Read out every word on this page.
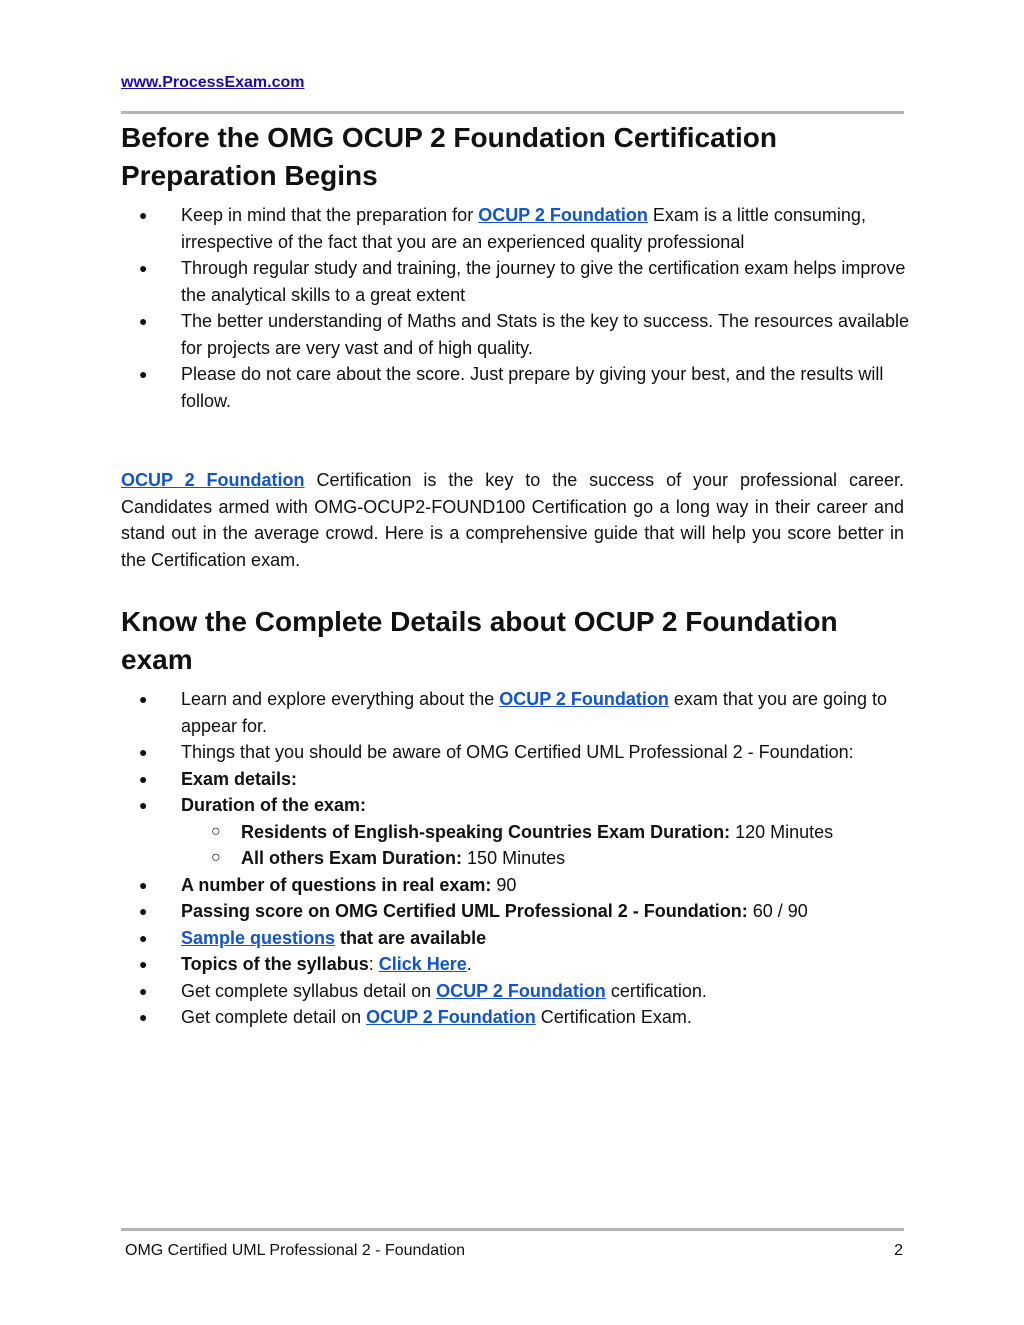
www.ProcessExam.com
Before the OMG OCUP 2 Foundation Certification Preparation Begins
● Keep in mind that the preparation for OCUP 2 Foundation Exam is a little consuming, irrespective of the fact that you are an experienced quality professional
● Through regular study and training, the journey to give the certification exam helps improve the analytical skills to a great extent
● The better understanding of Maths and Stats is the key to success. The resources available for projects are very vast and of high quality.
● Please do not care about the score. Just prepare by giving your best, and the results will follow.

OCUP 2 Foundation Certification is the key to the success of your professional career. Candidates armed with OMG-OCUP2-FOUND100 Certification go a long way in their career and stand out in the average crowd. Here is a comprehensive guide that will help you score better in the Certification exam.

Know the Complete Details about OCUP 2 Foundation exam
● Learn and explore everything about the OCUP 2 Foundation exam that you are going to appear for.
● Things that you should be aware of OMG Certified UML Professional 2 - Foundation:
● Exam details:
● Duration of the exam:
○ Residents of English-speaking Countries Exam Duration: 120 Minutes
○ All others Exam Duration: 150 Minutes
● A number of questions in real exam: 90
● Passing score on OMG Certified UML Professional 2 - Foundation: 60 / 90
● Sample questions that are available
● Topics of the syllabus: Click Here.
● Get complete syllabus detail on OCUP 2 Foundation certification.
● Get complete detail on OCUP 2 Foundation Certification Exam.
OMG Certified UML Professional 2 - Foundation	2
